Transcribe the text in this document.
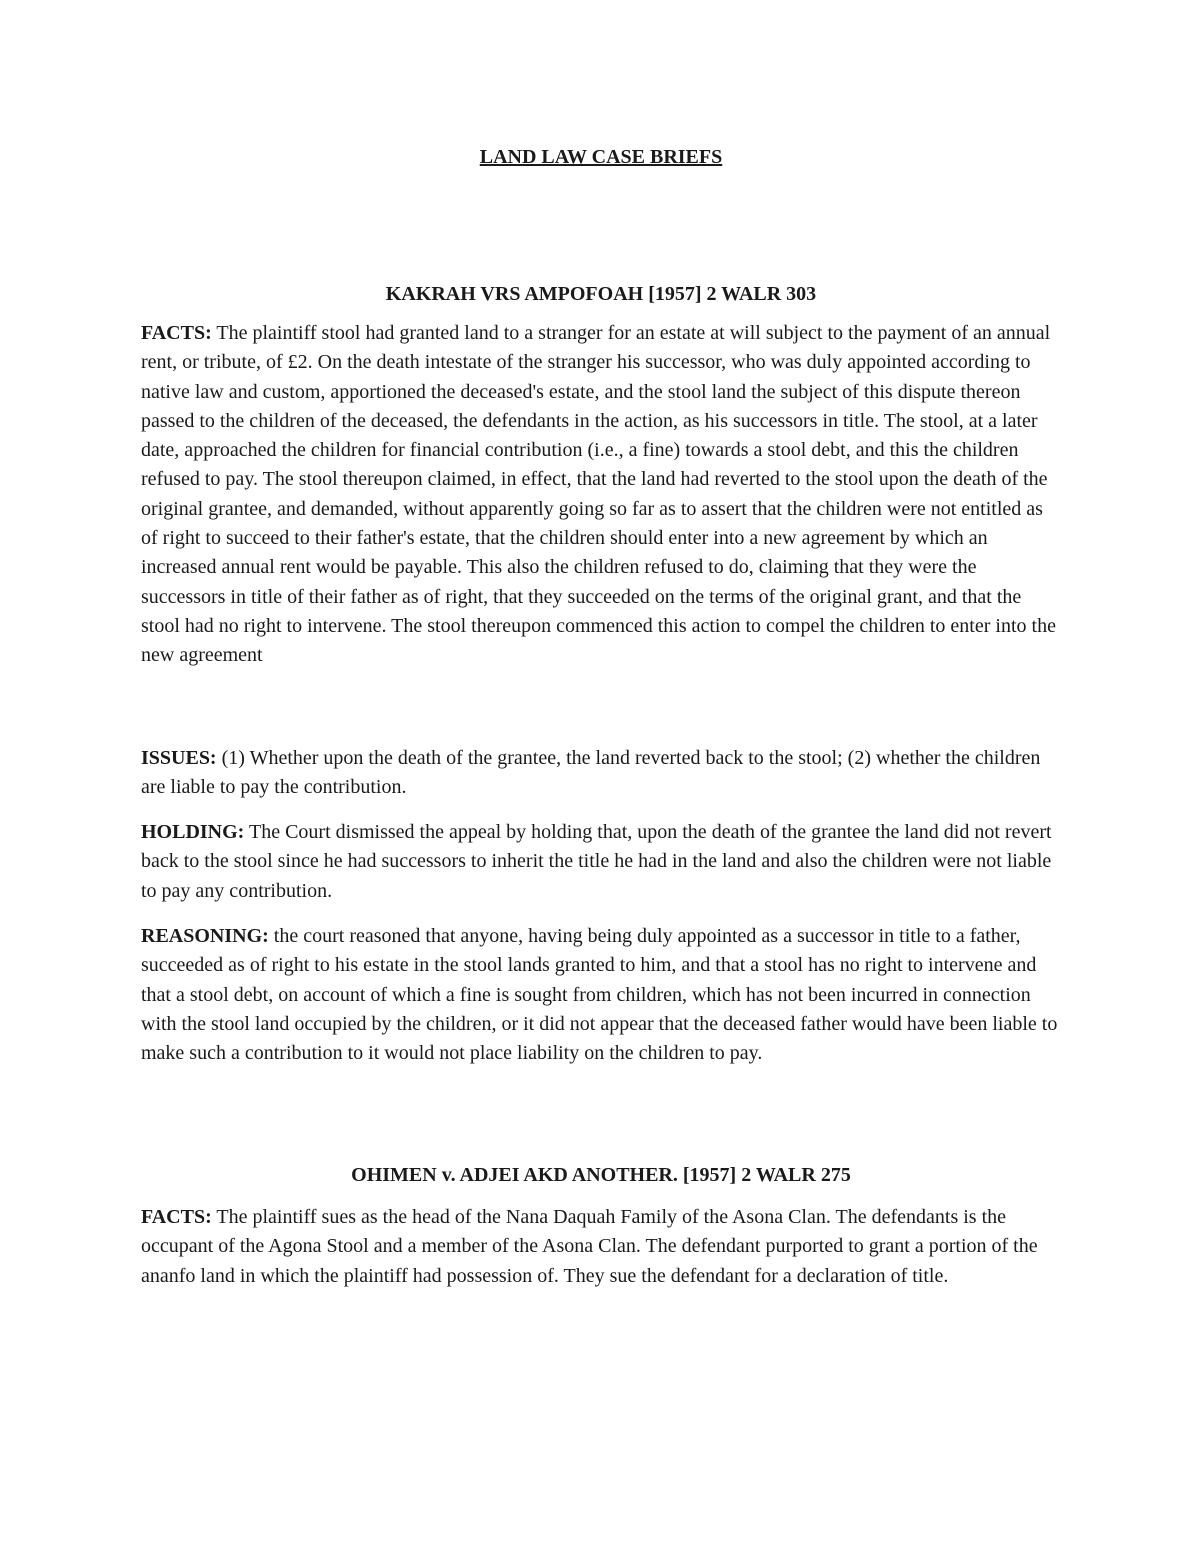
LAND LAW CASE BRIEFS
KAKRAH VRS AMPOFOAH [1957] 2 WALR 303

FACTS: The plaintiff stool had granted land to a stranger for an estate at will subject to the payment of an annual rent, or tribute, of £2. On the death intestate of the stranger his successor, who was duly appointed according to native law and custom, apportioned the deceased's estate, and the stool land the subject of this dispute thereon passed to the children of the deceased, the defendants in the action, as his successors in title. The stool, at a later date, approached the children for financial contribution (i.e., a fine) towards a stool debt, and this the children refused to pay. The stool thereupon claimed, in effect, that the land had reverted to the stool upon the death of the original grantee, and demanded, without apparently going so far as to assert that the children were not entitled as of right to succeed to their father's estate, that the children should enter into a new agreement by which an increased annual rent would be payable. This also the children refused to do, claiming that they were the successors in title of their father as of right, that they succeeded on the terms of the original grant, and that the stool had no right to intervene. The stool thereupon commenced this action to compel the children to enter into the new agreement

ISSUES: (1) Whether upon the death of the grantee, the land reverted back to the stool; (2) whether the children are liable to pay the contribution.

HOLDING: The Court dismissed the appeal by holding that, upon the death of the grantee the land did not revert back to the stool since he had successors to inherit the title he had in the land and also the children were not liable to pay any contribution.

REASONING: the court reasoned that anyone, having being duly appointed as a successor in title to a father, succeeded as of right to his estate in the stool lands granted to him, and that a stool has no right to intervene and that a stool debt, on account of which a fine is sought from children, which has not been incurred in connection with the stool land occupied by the children, or it did not appear that the deceased father would have been liable to make such a contribution to it would not place liability on the children to pay.

OHIMEN v. ADJEI AKD ANOTHER. [1957] 2 WALR 275

FACTS: The plaintiff sues as the head of the Nana Daquah Family of the Asona Clan. The defendants is the occupant of the Agona Stool and a member of the Asona Clan. The defendant purported to grant a portion of the ananfo land in which the plaintiff had possession of. They sue the defendant for a declaration of title.
